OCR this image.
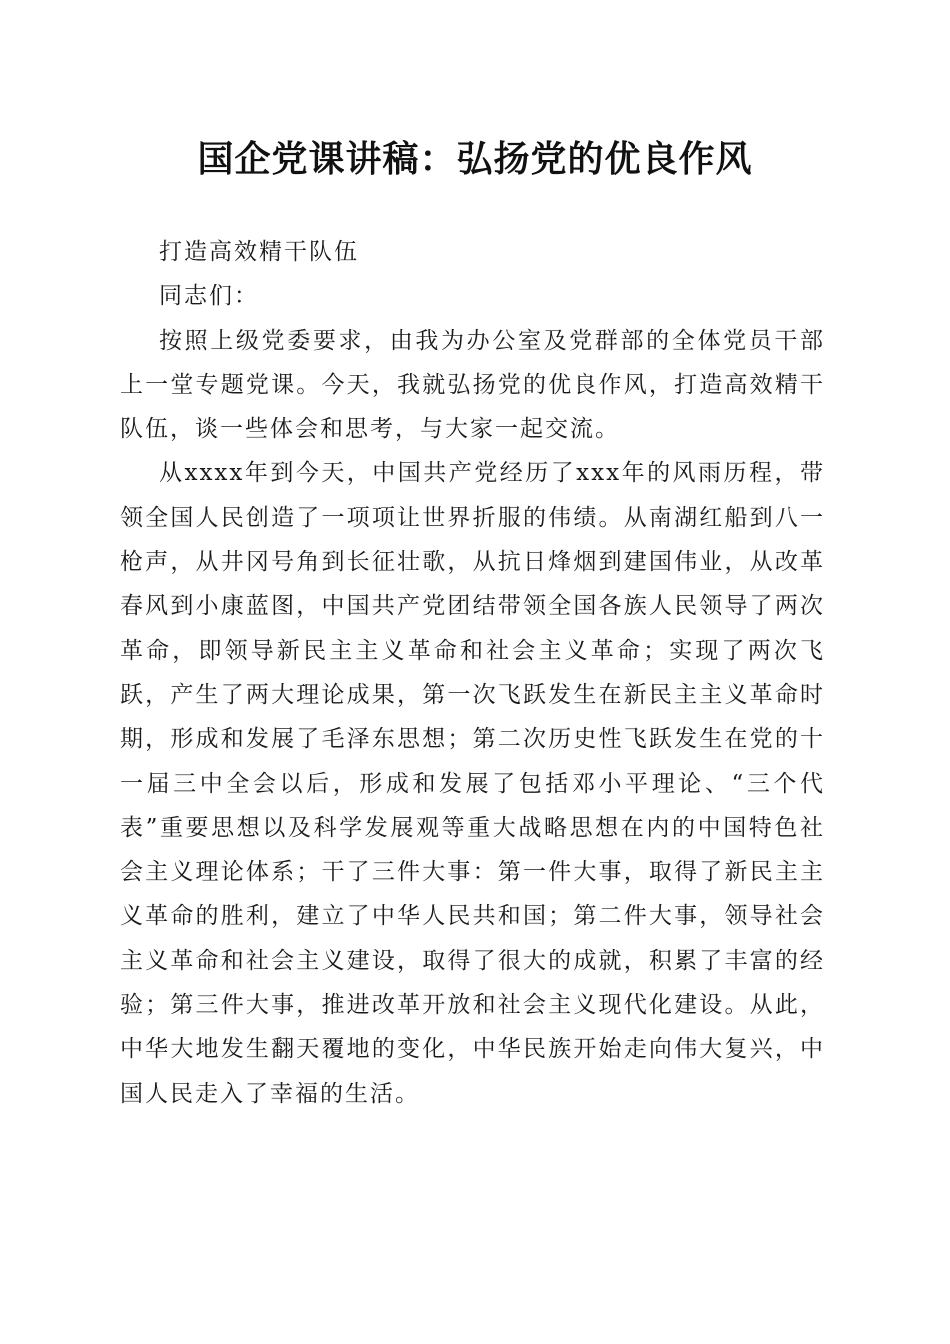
国企党课讲稿：弘扬党的优良作风

打造高效精干队伍

同志们：

按照上级党委要求，由我为办公室及党群部的全体党员干部上一堂专题党课。今天，我就弘扬党的优良作风，打造高效精干队伍，谈一些体会和思考，与大家一起交流。

从xxxx年到今天，中国共产党经历了xxx年的风雨历程，带领全国人民创造了一项项让世界折服的伟绩。从南湖红船到八一枪声，从井冈号角到长征壮歌，从抗日烽烟到建国伟业，从改革春风到小康蓝图，中国共产党团结带领全国各族人民领导了两次革命，即领导新民主主义革命和社会主义革命；实现了两次飞跃，产生了两大理论成果，第一次飞跃发生在新民主主义革命时期，形成和发展了毛泽东思想；第二次历史性飞跃发生在党的十一届三中全会以后，形成和发展了包括邓小平理论、“三个代表”重要思想以及科学发展观等重大战略思想在内的中国特色社会主义理论体系；干了三件大事：第一件大事，取得了新民主主义革命的胜利，建立了中华人民共和国；第二件大事，领导社会主义革命和社会主义建设，取得了很大的成就，积累了丰富的经验；第三件大事，推进改革开放和社会主义现代化建设。从此，中华大地发生翻天覆地的变化，中华民族开始走向伟大复兴，中国人民走入了幸福的生活。
